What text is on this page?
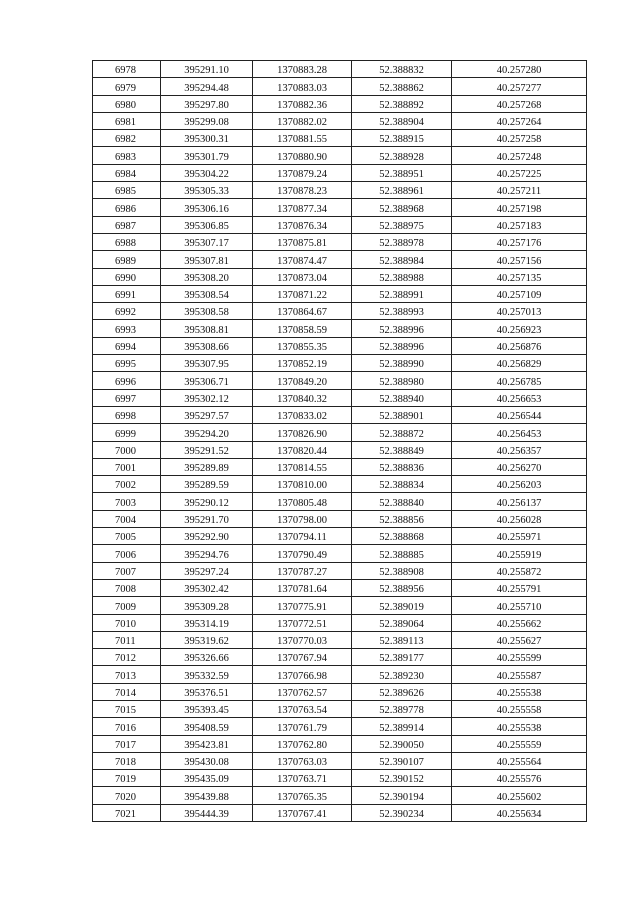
6978	395291.10	1370883.28	52.388832	40.257280
6979	395294.48	1370883.03	52.388862	40.257277
6980	395297.80	1370882.36	52.388892	40.257268
6981	395299.08	1370882.02	52.388904	40.257264
6982	395300.31	1370881.55	52.388915	40.257258
6983	395301.79	1370880.90	52.388928	40.257248
6984	395304.22	1370879.24	52.388951	40.257225
6985	395305.33	1370878.23	52.388961	40.257211
6986	395306.16	1370877.34	52.388968	40.257198
6987	395306.85	1370876.34	52.388975	40.257183
6988	395307.17	1370875.81	52.388978	40.257176
6989	395307.81	1370874.47	52.388984	40.257156
6990	395308.20	1370873.04	52.388988	40.257135
6991	395308.54	1370871.22	52.388991	40.257109
6992	395308.58	1370864.67	52.388993	40.257013
6993	395308.81	1370858.59	52.388996	40.256923
6994	395308.66	1370855.35	52.388996	40.256876
6995	395307.95	1370852.19	52.388990	40.256829
6996	395306.71	1370849.20	52.388980	40.256785
6997	395302.12	1370840.32	52.388940	40.256653
6998	395297.57	1370833.02	52.388901	40.256544
6999	395294.20	1370826.90	52.388872	40.256453
7000	395291.52	1370820.44	52.388849	40.256357
7001	395289.89	1370814.55	52.388836	40.256270
7002	395289.59	1370810.00	52.388834	40.256203
7003	395290.12	1370805.48	52.388840	40.256137
7004	395291.70	1370798.00	52.388856	40.256028
7005	395292.90	1370794.11	52.388868	40.255971
7006	395294.76	1370790.49	52.388885	40.255919
7007	395297.24	1370787.27	52.388908	40.255872
7008	395302.42	1370781.64	52.388956	40.255791
7009	395309.28	1370775.91	52.389019	40.255710
7010	395314.19	1370772.51	52.389064	40.255662
7011	395319.62	1370770.03	52.389113	40.255627
7012	395326.66	1370767.94	52.389177	40.255599
7013	395332.59	1370766.98	52.389230	40.255587
7014	395376.51	1370762.57	52.389626	40.255538
7015	395393.45	1370763.54	52.389778	40.255558
7016	395408.59	1370761.79	52.389914	40.255538
7017	395423.81	1370762.80	52.390050	40.255559
7018	395430.08	1370763.03	52.390107	40.255564
7019	395435.09	1370763.71	52.390152	40.255576
7020	395439.88	1370765.35	52.390194	40.255602
7021	395444.39	1370767.41	52.390234	40.255634
